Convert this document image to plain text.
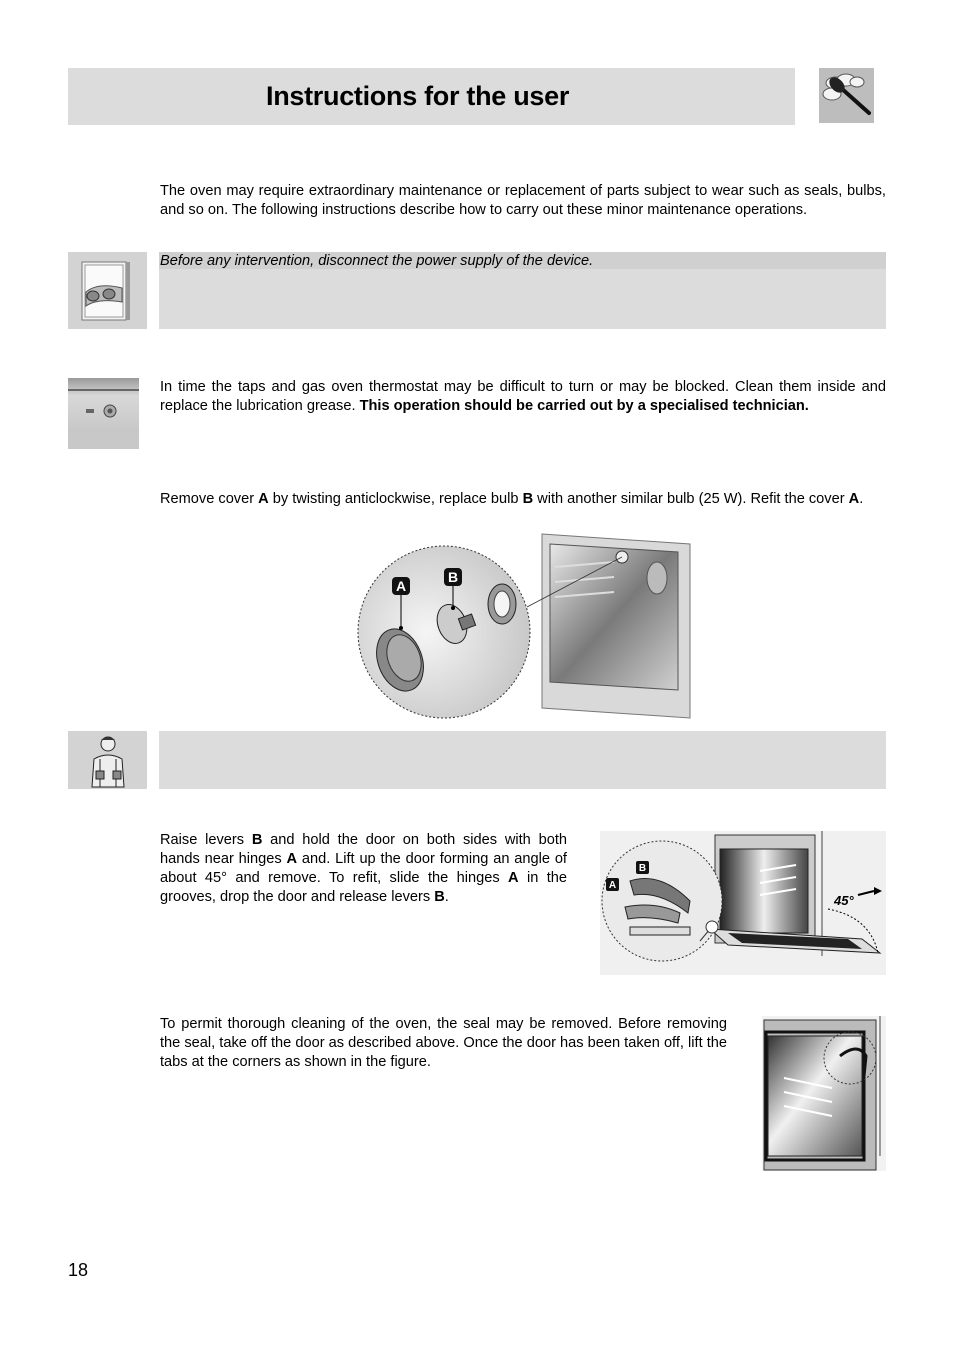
Instructions for the user

The oven may require extraordinary maintenance or replacement of parts subject to wear such as seals, bulbs, and so on. The following instructions describe how to carry out these minor maintenance operations.

Before any intervention, disconnect the power supply of the device.

In time the taps and gas oven thermostat may be difficult to turn or may be blocked. Clean them inside and replace the lubrication grease. This operation should be carried out by a specialised technician.

Remove cover A by twisting anticlockwise, replace bulb B with another similar bulb (25 W). Refit the cover A.

A
B

Raise levers B and hold the door on both sides with both hands near hinges A and. Lift up the door forming an angle of about 45° and remove. To refit, slide the hinges A in the grooves, drop the door and release levers B.	45°
B
A

To permit thorough cleaning of the oven, the seal may be removed. Before removing the seal, take off the door as described above. Once the door has been taken off, lift the tabs at the corners as shown in the figure.

18
